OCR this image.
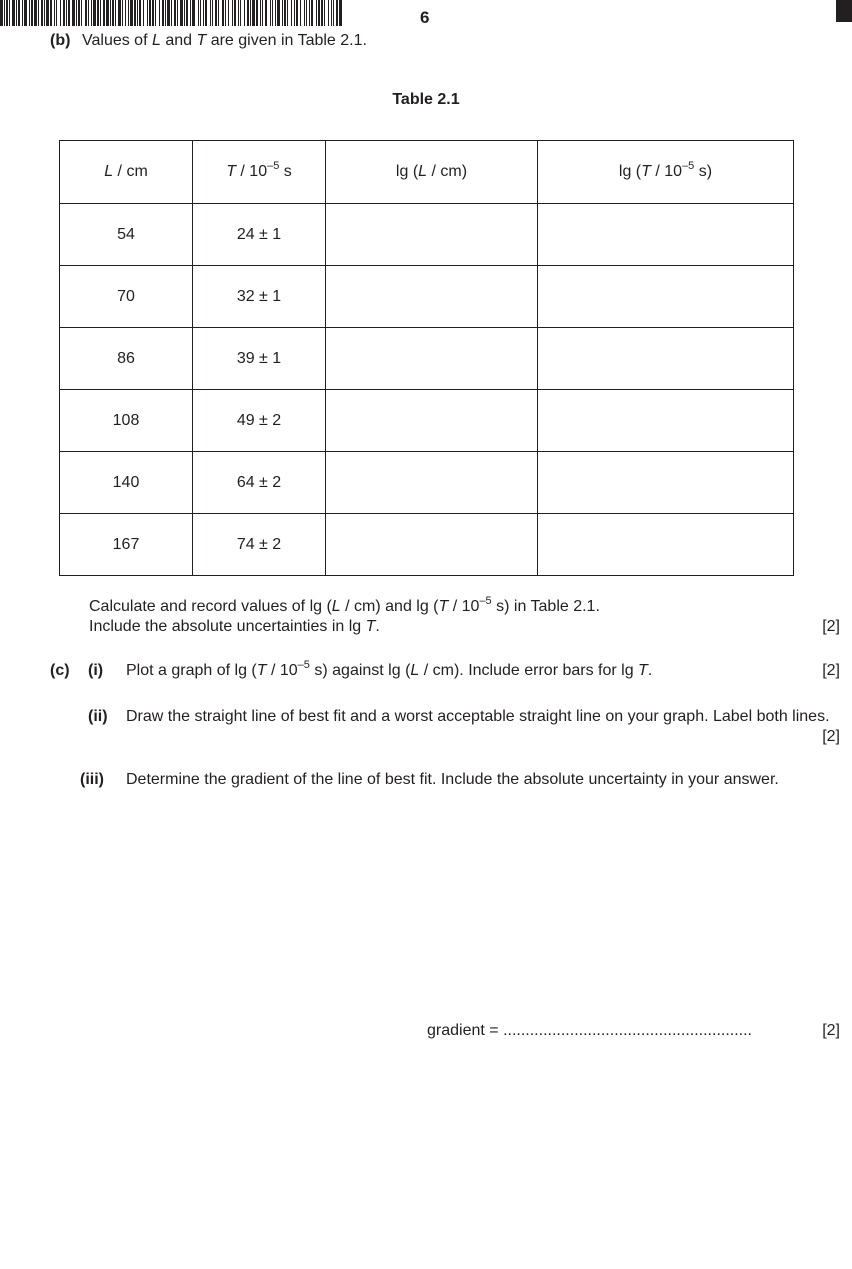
6
(b) Values of L and T are given in Table 2.1.
Table 2.1
L / cm	T / $10^{-5}$ s	lg (L / cm)	$\lg (T / 10^{-5}$ s)
54	24 ± 1		
70	32 ± 1		
86	39 ± 1		
108	49 ± 2		
140	64 ± 2		
167	74 ± 2		
Calculate and record values of lg (L / cm) and $\lg (T / 10^{-5}$ s) in Table 2.1.
Include the absolute uncertainties in lg T.	[2]
(c) (i) Plot a graph of $\lg (T / 10^{-5}$ s) against lg (L / cm). Include error bars for lg T.	[2]
(ii) Draw the straight line of best fit and a worst acceptable straight line on your graph. Label both lines.
[2]
(iii) Determine the gradient of the line of best fit. Include the absolute uncertainty in your answer.
gradient = ........................................................	[2]
